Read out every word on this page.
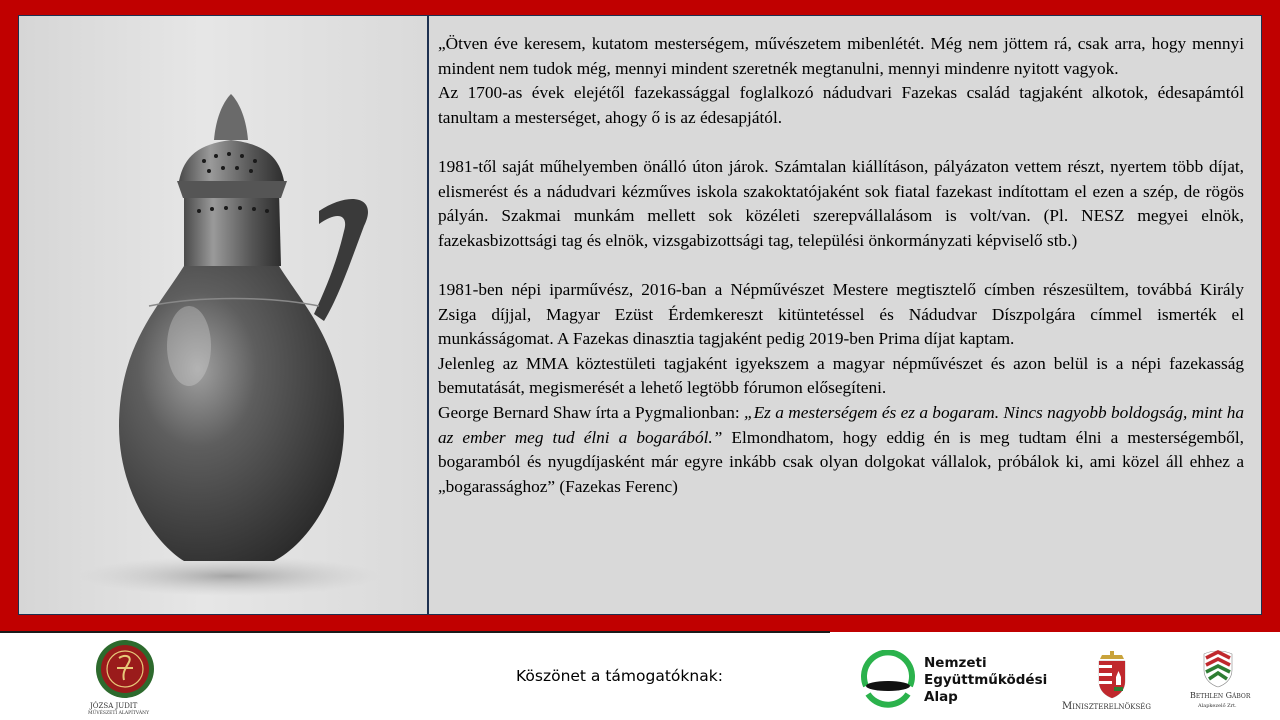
„Ötven éve keresem, kutatom mesterségem, művészetem mibenlétét. Még nem jöttem rá, csak arra, hogy mennyi mindent nem tudok még, mennyi mindent szeretnék megtanulni, mennyi mindenre nyitott vagyok.

Az 1700-as évek elejétől fazekassággal foglalkozó nádudvari Fazekas család tagjaként alkotok, édesapámtól tanultam a mesterséget, ahogy ő is az édesapjától.

1981-től saját műhelyemben önálló úton járok. Számtalan kiállításon, pályázaton vettem részt, nyertem több díjat, elismerést és a nádudvari kézműves iskola szakoktatójaként sok fiatal fazekast indítottam el ezen a szép, de rögös pályán. Szakmai munkám mellett sok közéleti szerepvállalásom is volt/van. (Pl. NESZ megyei elnök, fazekasbizottsági tag és elnök, vizsgabizottsági tag, települési önkormányzati képviselő stb.)

1981-ben népi iparművész, 2016-ban a Népművészet Mestere megtisztelő címben részesültem, továbbá Király Zsiga díjjal, Magyar Ezüst Érdemkereszt kitüntetéssel és Nádudvar Díszpolgára címmel ismerték el munkásságomat. A Fazekas dinasztia tagjaként pedig 2019-ben Prima díjat kaptam.

Jelenleg az MMA köztestületi tagjaként igyekszem a magyar népművészet és azon belül is a népi fazekasság bemutatását, megismerését a lehető legtöbb fórumon elősegíteni.

George Bernard Shaw írta a Pygmalionban: „Ez a mesterségem és ez a bogaram. Nincs nagyobb boldogság, mint ha az ember meg tud élni a bogarából.” Elmondhatom, hogy eddig én is meg tudtam élni a mesterségemből, bogaramból és nyugdíjasként már egyre inkább csak olyan dolgokat vállalok, próbálok ki, ami közel áll ehhez a „bogarassághoz” (Fazekas Ferenc)

JÓZSA JUDIT
MŰVÉSZETI ALAPÍTVÁNY
Köszönet a támogatóknak:
Nemzeti
Együttműködési
Alap
Miniszterelnökség
Bethlen Gábor
Alapkezelő Zrt.
